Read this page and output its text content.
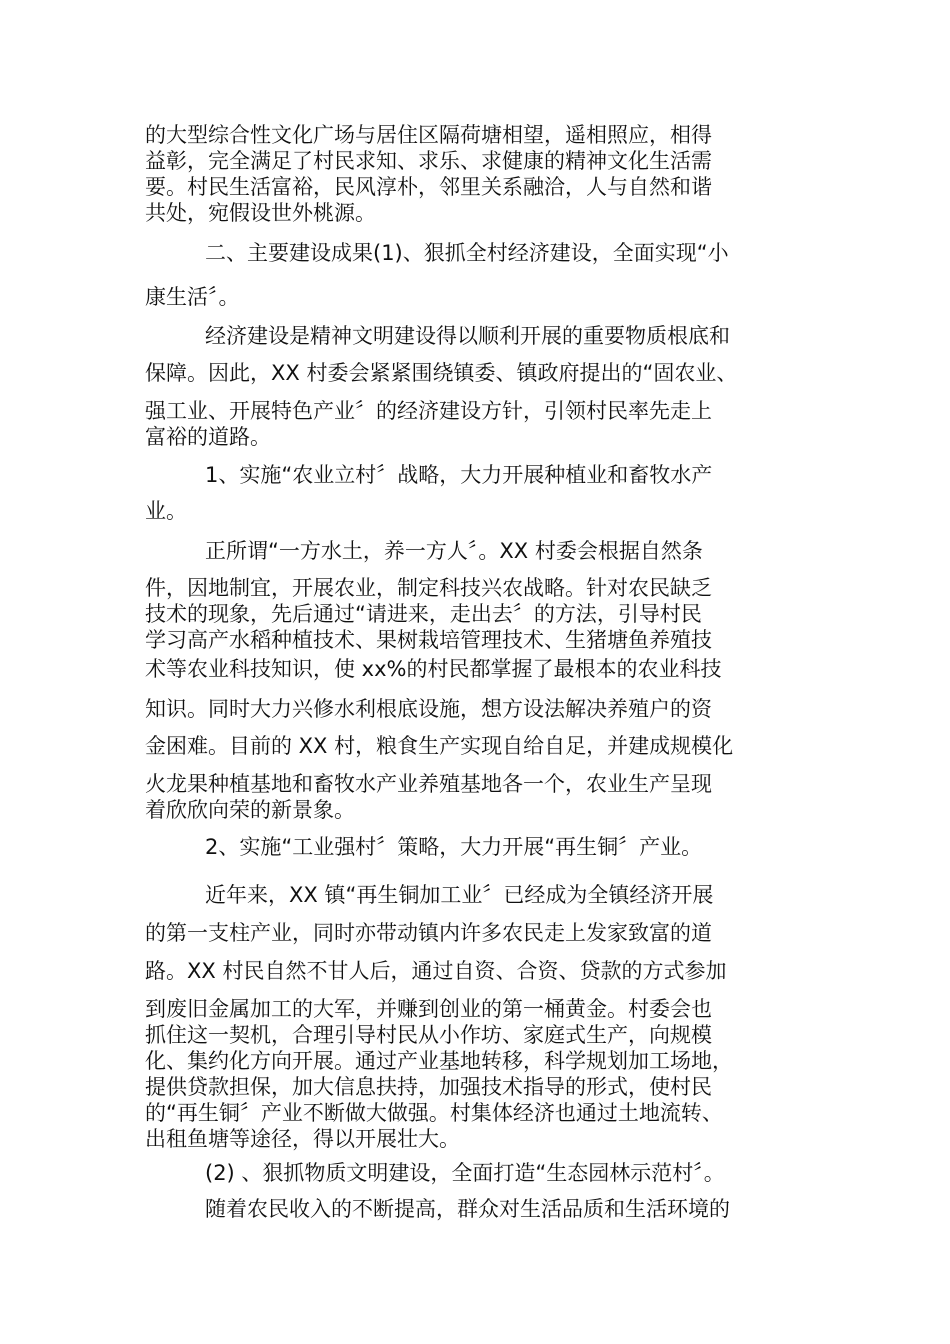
的大型综合性文化广场与居住区隔荷塘相望，遥相照应，相得
益彰，完全满足了村民求知、求乐、求健康的精神文化生活需
要。村民生活富裕，民风淳朴，邻里关系融洽，人与自然和谐
共处，宛假设世外桃源。
二、主要建设成果(1)、狠抓全村经济建设，全面实现“小
康生活〞。
经济建设是精神文明建设得以顺利开展的重要物质根底和
保障。因此，XX 村委会紧紧围绕镇委、镇政府提出的“固农业、
强工业、开展特色产业〞的经济建设方针，引领村民率先走上
富裕的道路。
1、实施“农业立村〞战略，大力开展种植业和畜牧水产
业。
正所谓“一方水土，养一方人〞。XX 村委会根据自然条
件，因地制宜，开展农业，制定科技兴农战略。针对农民缺乏
技术的现象，先后通过“请进来，走出去〞的方法，引导村民
学习高产水稻种植技术、果树栽培管理技术、生猪塘鱼养殖技
术等农业科技知识，使 xx%的村民都掌握了最根本的农业科技
知识。同时大力兴修水利根底设施，想方设法解决养殖户的资
金困难。目前的 XX 村，粮食生产实现自给自足，并建成规模化
火龙果种植基地和畜牧水产业养殖基地各一个，农业生产呈现
着欣欣向荣的新景象。
2、实施“工业强村〞策略，大力开展“再生铜〞产业。
近年来，XX 镇“再生铜加工业〞已经成为全镇经济开展
的第一支柱产业，同时亦带动镇内许多农民走上发家致富的道
路。XX 村民自然不甘人后，通过自资、合资、贷款的方式参加
到废旧金属加工的大军，并赚到创业的第一桶黄金。村委会也
抓住这一契机，合理引导村民从小作坊、家庭式生产，向规模
化、集约化方向开展。通过产业基地转移，科学规划加工场地，
提供贷款担保，加大信息扶持，加强技术指导的形式，使村民
的“再生铜〞产业不断做大做强。村集体经济也通过土地流转、
出租鱼塘等途径，得以开展壮大。
(2) 、狠抓物质文明建设，全面打造“生态园林示范村〞。
随着农民收入的不断提高，群众对生活品质和生活环境的
